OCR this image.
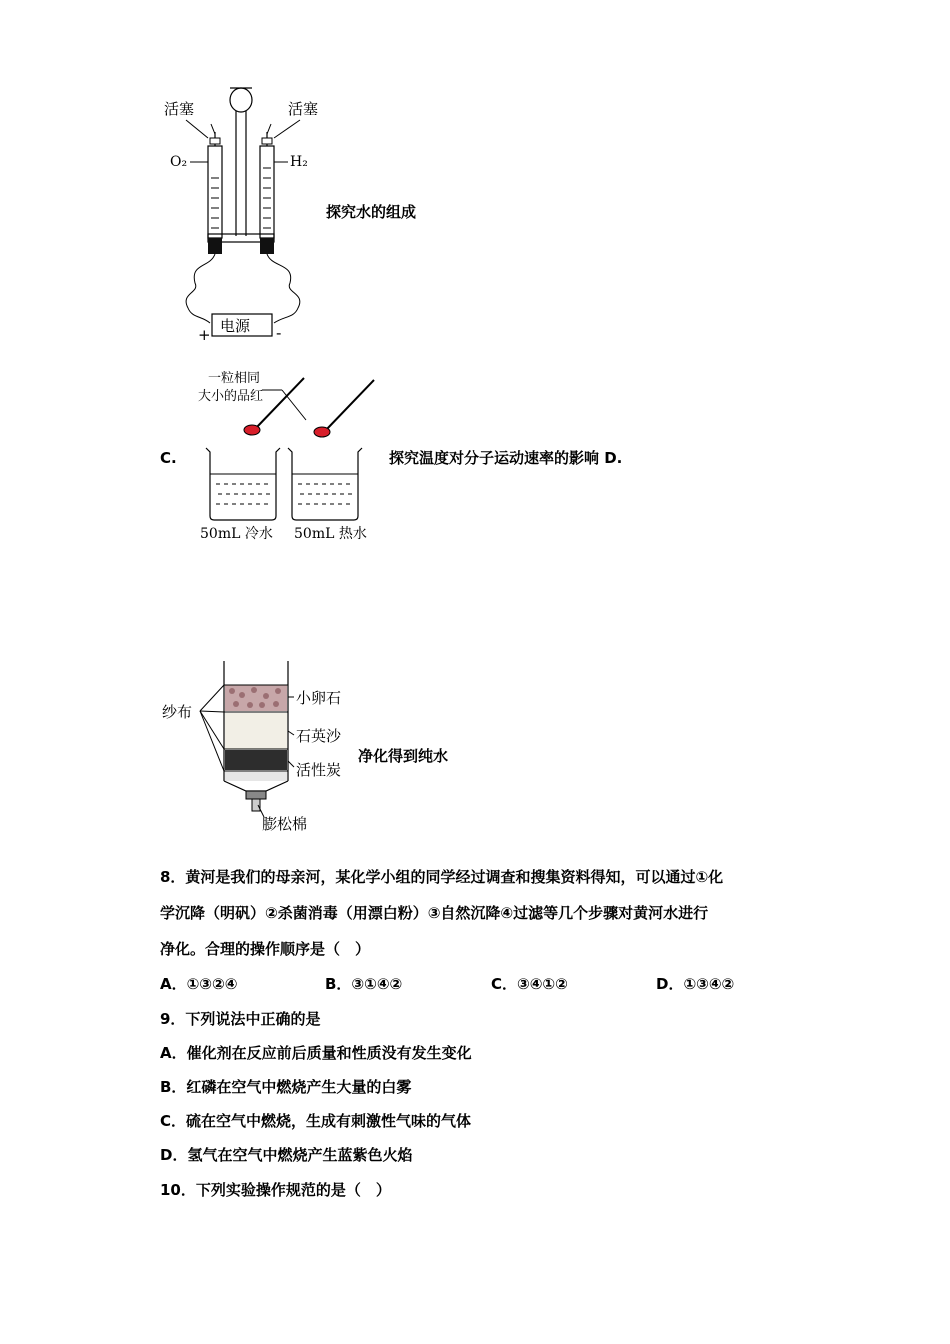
活塞	活塞
O₂	H₂
电源
+	-
探究水的组成
C.
一粒相同
大小的品红
50mL 冷水 50mL 热水
探究温度对分子运动速率的影响 D.
纱布
小卵石
石英沙
活性炭
膨松棉
净化得到纯水
8．黄河是我们的母亲河，某化学小组的同学经过调查和搜集资料得知，可以通过①化
学沉降（明矾）②杀菌消毒（用漂白粉）③自然沉降④过滤等几个步骤对黄河水进行
净化。合理的操作顺序是（　）
A．①③②④	B．③①④②	C．③④①②	D．①③④②
9．下列说法中正确的是
A．催化剂在反应前后质量和性质没有发生变化
B．红磷在空气中燃烧产生大量的白雾
C．硫在空气中燃烧，生成有刺激性气味的气体
D．氢气在空气中燃烧产生蓝紫色火焰
10．下列实验操作规范的是（　）
